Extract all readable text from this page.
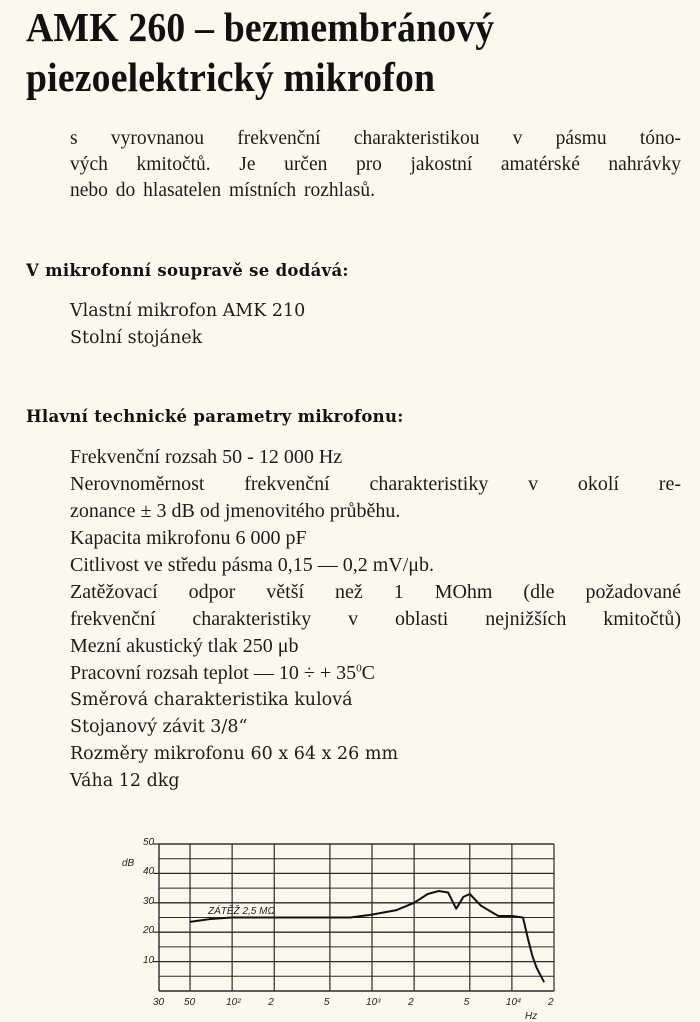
AMK 260 – bezmembránový
piezoelektrický mikrofon

s vyrovnanou frekvenční charakteristikou v pásmu tóno-
vých kmitočtů. Je určen pro jakostní amatérské nahrávky
nebo do hlasatelen místních rozhlasů.

V mikrofonní soupravě se dodává:
Vlastní mikrofon AMK 210
Stolní stojánek
Hlavní technické parametry mikrofonu:
Frekvenční rozsah 50 - 12 000 Hz
Nerovnoměrnost frekvenční charakteristiky v okolí re-
zonance ± 3 dB od jmenovitého průběhu.
Kapacita mikrofonu 6 000 pF
Citlivost ve středu pásma 0,15 — 0,2 mV/μb.
Zatěžovací odpor větší než 1 MOhm (dle požadované
frekvenční charakteristiky v oblasti nejnižších kmitočtů)
Mezní akustický tlak 250 μb
Pracovní rozsah teplot — 10 ÷ + $35^0C$
Směrová charakteristika kulová
Stojanový závit 3/8“
Rozměry mikrofonu 60 x 64 x 26 mm
Váha 12 dkg
10
20
30
40
50
dB
30 50	10²	2	5	10³	2	5	10⁴	2
Hz
ZÁTĚŽ 2,5 MΩ
